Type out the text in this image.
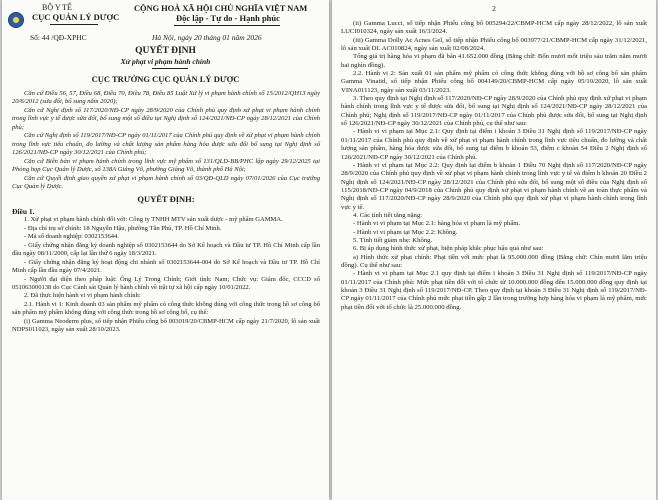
BỘ Y TẾ
CỤC QUẢN LÝ DƯỢC
CỘNG HOÀ XÃ HỘI CHỦ NGHĨA VIỆT NAM
Độc lập - Tự do - Hạnh phúc
Số: 44 /QĐ-XPHC	Hà Nội, ngày 20 tháng 01 năm 2026
QUYẾT ĐỊNH
Xử phạt vi phạm hành chính
CỤC TRƯỞNG CỤC QUẢN LÝ DƯỢC

Căn cứ Điều 56, 57, Điều 68, Điều 70, Điều 78, Điều 85 Luật Xử lý vi phạm hành chính số 15/2012/QH13 ngày 20/6/2012 (sửa đổi, bổ sung năm 2020);

Căn cứ Nghị định số 117/2020/NĐ-CP ngày 28/9/2020 của Chính phủ quy định xử phạt vi phạm hành chính trong lĩnh vực y tế được sửa đổi, bổ sung một số điều tại Nghị định số 124/2021/NĐ-CP ngày 28/12/2021 của Chính phủ;

Căn cứ Nghị định số 119/2017/NĐ-CP ngày 01/11/2017 của Chính phủ quy định về xử phạt vi phạm hành chính trong lĩnh vực tiêu chuẩn, đo lường và chất lượng sản phẩm hàng hóa được sửa đổi bổ sung tại Nghị định số 126/2021/NĐ-CP ngày 30/12/2021 của Chính phủ;

Căn cứ Biên bản vi phạm hành chính trong lĩnh vực mỹ phẩm số 131/QLD-BB/PHC lập ngày 29/12/2025 tại Phòng họp Cục Quản lý Dược, số 138A Giảng Võ, phường Giảng Võ, thành phố Hà Nội;

Căn cứ Quyết định giao quyền xử phạt vi phạm hành chính số 03/QĐ-QLD ngày 07/01/2026 của Cục trưởng Cục Quản lý Dược.

QUYẾT ĐỊNH:

Điều 1.

1. Xử phạt vi phạm hành chính đối với: Công ty TNHH MTV sản xuất dược - mỹ phẩm GAMMA.

- Địa chỉ trụ sở chính: 18 Nguyễn Hậu, phường Tân Phú, TP. Hồ Chí Minh.

- Mã số doanh nghiệp: 0302153644.

- Giấy chứng nhận đăng ký doanh nghiệp số 0302153644 do Sở Kế hoạch và Đầu tư TP. Hồ Chí Minh cấp lần đầu ngày 08/11/2000, cấp lại lần thứ 6 ngày 18/3/2021.

- Giấy chứng nhận đăng ký hoạt động chi nhánh số 0302153644-004 do Sở Kế hoạch và Đầu tư TP. Hồ Chí Minh cấp lần đầu ngày 07/4/2021.

- Người đại diện theo pháp luật: Ông Lý Trong Chính; Giới tính: Nam; Chức vụ: Giám đốc, CCCD số 051063000138 do Cục Cảnh sát Quản lý hành chính về trật tự xã hội cấp ngày 10/01/2022.

2. Đã thực hiện hành vi vi phạm hành chính:

2.1. Hành vi 1: Kinh doanh 03 sản phẩm mỹ phẩm có công thức không đúng với công thức trong hồ sơ công bố sản phẩm mỹ phẩm không đúng với công thức trong hồ sơ công bố, cụ thể:

(i) Gamma Neoderm plus, số tiếp nhận Phiếu công bố 003019/20/CBMP-HCM cấp ngày 21/7/2020, lô sản xuất NDPS011023, ngày sản xuất 28/10/2023.

2

(ii) Gamma Lucci, số tiếp nhận Phiếu công bố 005294/22/CBMP-HCM cấp ngày 28/12/2022, lô sản xuất LUCI010324, ngày sản xuất 16/3/2024.

(iii) Gamma Dolly Ac Acnes Gel, số tiếp nhận Phiếu công bố 003977/21/CBMP-HCM cấp ngày 31/12/2021, lô sản xuất DL AC010824, ngày sản xuất 02/08/2024.

Tổng giá trị hàng hóa vi phạm đã bán 41.652.000 đồng (Bằng chữ: Bốn mươi mốt triệu sáu trăm năm mươi hai nghìn đồng).

2.2. Hành vi 2: Sản xuất 01 sản phẩm mỹ phẩm có công thức không đúng với hồ sơ công bố sản phẩm Gamma Vinatid, số tiếp nhận Phiếu công bố 004149/20/CBMP-HCM cấp ngày 05/10/2020, lô sản xuất VINA011123, ngày sản xuất 03/11/2023.

3. Theo quy định tại Nghị định số 117/2020/NĐ-CP ngày 28/9/2020 của Chính phủ quy định xử phạt vi phạm hành chính trong lĩnh vực y tế được sửa đổi, bổ sung tại Nghị định số 124/2021/NĐ-CP ngày 28/12/2021 của Chính phủ; Nghị định số 119/2017/NĐ-CP ngày 01/11/2017 của Chính phủ được sửa đổi, bổ sung tại Nghị định số 126/2021/NĐ-CP ngày 30/12/2021 của Chính phủ, cụ thể như sau:

- Hành vi vi phạm tại Mục 2.1: Quy định tại điểm i khoản 3 Điều 31 Nghị định số 119/2017/NĐ-CP ngày 01/11/2017 của Chính phủ quy định về xử phạt vi phạm hành chính trong lĩnh vực tiêu chuẩn, đo lường và chất lượng sản phẩm, hàng hóa được sửa đổi, bổ sung tại điểm b khoản 53, điểm c khoản 54 Điều 2 Nghị định số 126/2021/NĐ-CP ngày 30/12/2021 của Chính phủ.

- Hành vi vi phạm tại Mục 2.2: Quy định tại điểm b khoản 1 Điều 70 Nghị định số 117/2020/NĐ-CP ngày 28/9/2020 của Chính phủ quy định về xử phạt vi phạm hành chính trong lĩnh vực y tế và điểm b khoản 20 Điều 2 Nghị định số 124/2021/NĐ-CP ngày 28/12/2021 của Chính phủ sửa đổi, bổ sung một số điều của Nghị định số 115/2018/NĐ-CP ngày 04/9/2018 của Chính phủ quy định xử phạt vi phạm hành chính về an toàn thực phẩm và Nghị định số 117/2020/NĐ-CP ngày 28/9/2020 của Chính phủ quy định xử phạt vi phạm hành chính trong lĩnh vực y tế.

4. Các tình tiết tăng nặng:

- Hành vi vi phạm tại Mục 2.1: hàng hóa vi phạm là mỹ phẩm.

- Hành vi vi phạm tại Mục 2.2: Không.

5. Tình tiết giảm nhẹ: Không.

6. Bị áp dụng hình thức xử phạt, biện pháp khắc phục hậu quả như sau:

a) Hình thức xử phạt chính: Phạt tiền với mức phạt là 95.000.000 đồng (Bằng chữ: Chín mươi lăm triệu đồng). Cụ thể như sau:

- Hành vi vi phạm tại Mục 2.1 quy định tại điểm i khoản 3 Điều 31 Nghị định số 119/2017/NĐ-CP ngày 01/11/2017 của Chính phủ: Mức phạt tiền đối với tổ chức từ 10.000.000 đồng đến 15.000.000 đồng quy định tại khoản 3 Điều 31 Nghị định số 119/2017/NĐ-CP. Theo quy định tại khoản 3 Điều 31 Nghị định số 119/2017/NĐ-CP ngày 01/11/2017 của Chính phủ mức phạt tiền gấp 2 lần trong trường hợp hàng hóa vi phạm là mỹ phẩm, mức phạt tiền đối với tổ chức là 25.000.000 đồng.
